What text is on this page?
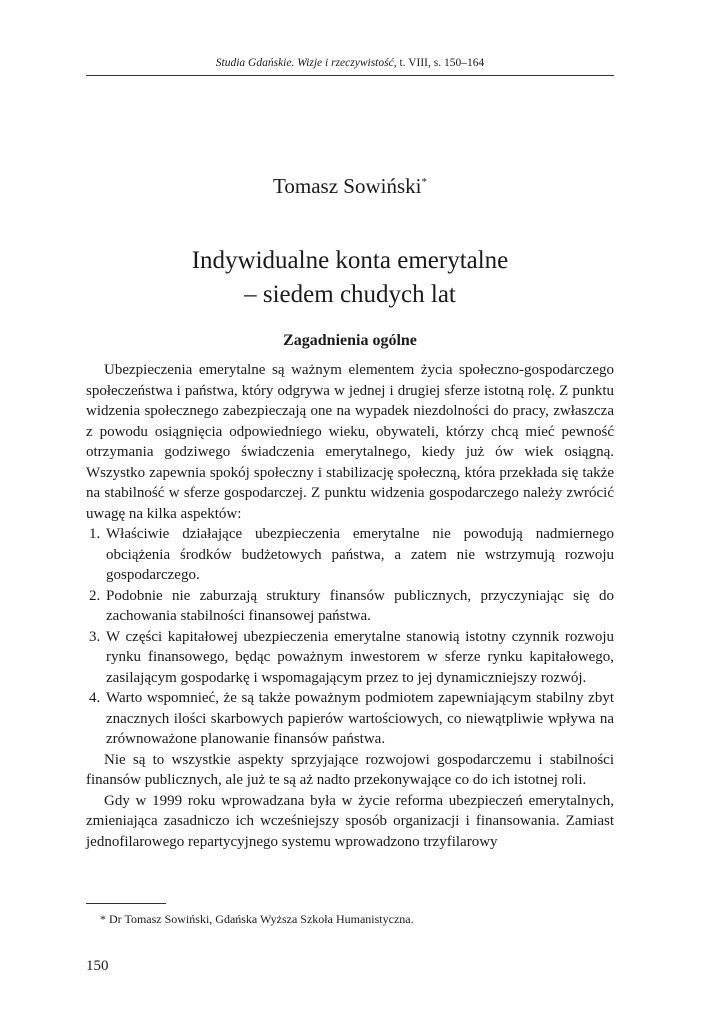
Studia Gdańskie. Wizje i rzeczywistość, t. VIII, s. 150–164
Tomasz Sowiński*
Indywidualne konta emerytalne
– siedem chudych lat
Zagadnienia ogólne

Ubezpieczenia emerytalne są ważnym elementem życia społeczno-gospodarczego społeczeństwa i państwa, który odgrywa w jednej i drugiej sferze istotną rolę. Z punktu widzenia społecznego zabezpieczają one na wypadek niezdolności do pracy, zwłaszcza z powodu osiągnięcia odpowiedniego wieku, obywateli, którzy chcą mieć pewność otrzymania godziwego świadczenia emerytalnego, kiedy już ów wiek osiągną. Wszystko zapewnia spokój społeczny i stabilizację społeczną, która przekłada się także na stabilność w sferze gospodarczej. Z punktu widzenia gospodarczego należy zwrócić uwagę na kilka aspektów:

1. Właściwie działające ubezpieczenia emerytalne nie powodują nadmiernego obciążenia środków budżetowych państwa, a zatem nie wstrzymują rozwoju gospodarczego.
2. Podobnie nie zaburzają struktury finansów publicznych, przyczyniając się do zachowania stabilności finansowej państwa.
3. W części kapitałowej ubezpieczenia emerytalne stanowią istotny czynnik rozwoju rynku finansowego, będąc poważnym inwestorem w sferze rynku kapitałowego, zasilającym gospodarkę i wspomagającym przez to jej dynamiczniejszy rozwój.
4. Warto wspomnieć, że są także poważnym podmiotem zapewniającym stabilny zbyt znacznych ilości skarbowych papierów wartościowych, co niewątpliwie wpływa na zrównoważone planowanie finansów państwa.

Nie są to wszystkie aspekty sprzyjające rozwojowi gospodarczemu i stabilności finansów publicznych, ale już te są aż nadto przekonywające co do ich istotnej roli.

Gdy w 1999 roku wprowadzana była w życie reforma ubezpieczeń emerytalnych, zmieniająca zasadniczo ich wcześniejszy sposób organizacji i finansowania. Zamiast jednofilarowego repartycyjnego systemu wprowadzono trzyfilarowy

* Dr Tomasz Sowiński, Gdańska Wyższa Szkoła Humanistyczna.
150
